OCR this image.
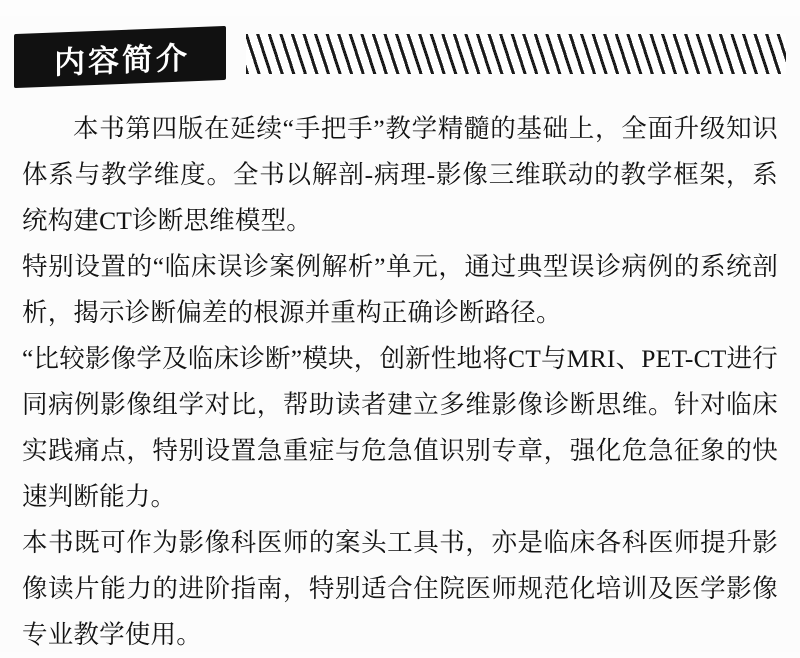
内容简介

本书第四版在延续“手把手”教学精髓的基础上，全面升级知识体系与教学维度。全书以解剖-病理-影像三维联动的教学框架，系统构建CT诊断思维模型。

特别设置的“临床误诊案例解析”单元，通过典型误诊病例的系统剖析，揭示诊断偏差的根源并重构正确诊断路径。

“比较影像学及临床诊断”模块，创新性地将CT与MRI、PET-CT进行同病例影像组学对比，帮助读者建立多维影像诊断思维。针对临床实践痛点，特别设置急重症与危急值识别专章，强化危急征象的快速判断能力。

本书既可作为影像科医师的案头工具书，亦是临床各科医师提升影像读片能力的进阶指南，特别适合住院医师规范化培训及医学影像专业教学使用。
